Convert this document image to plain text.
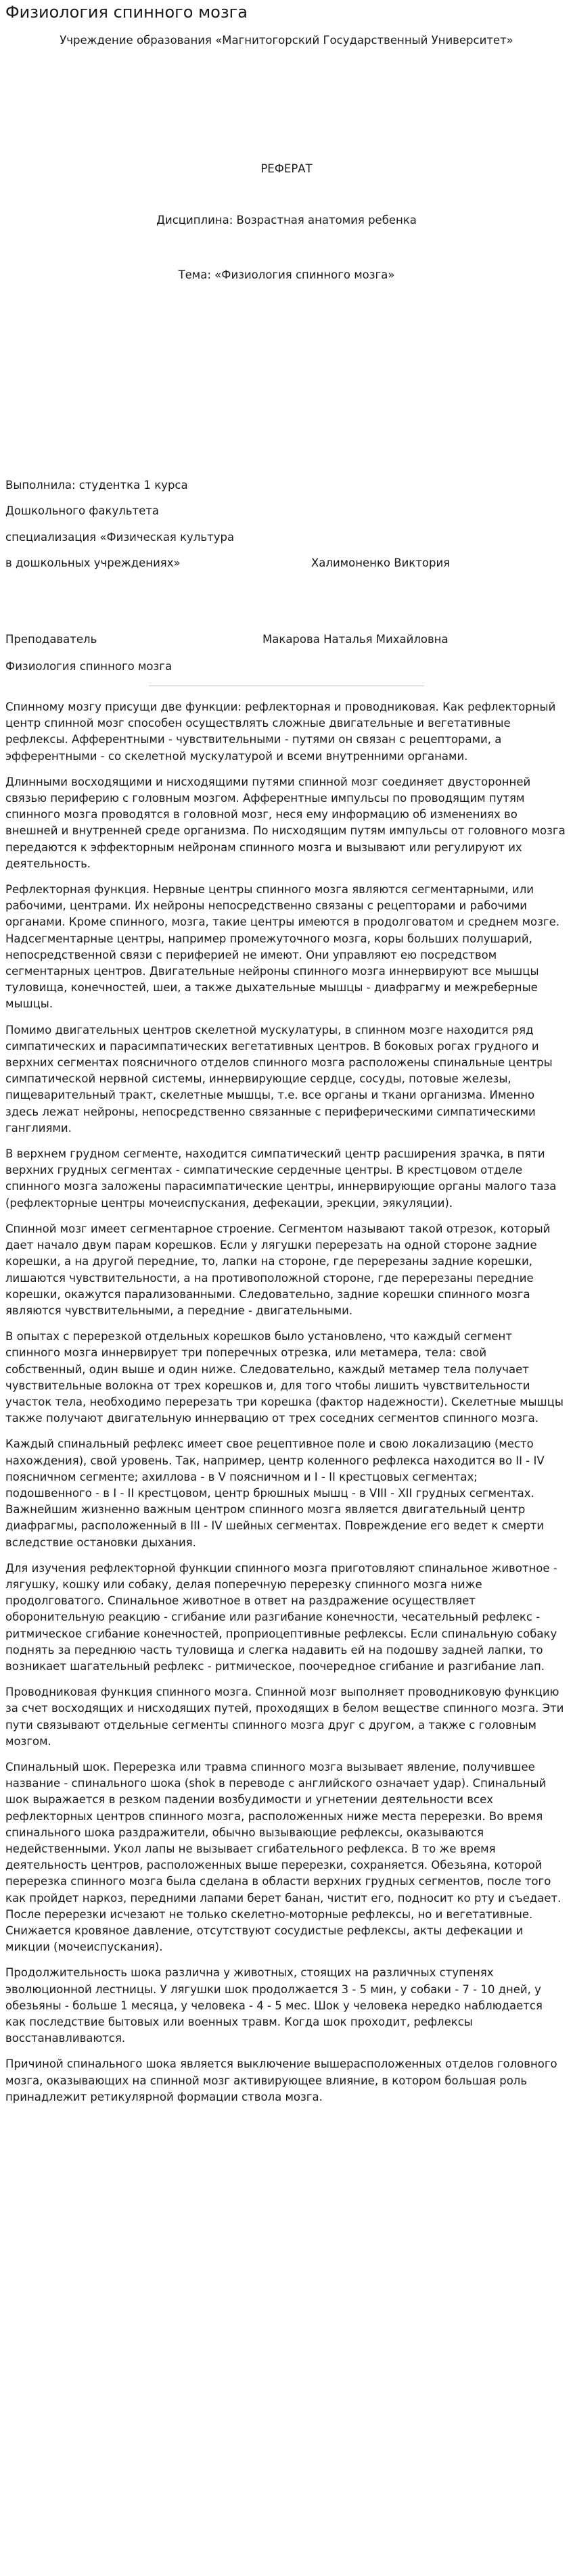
Физиология спинного мозга
Учреждение образования «Магнитогорский Государственный Университет»
РЕФЕРАТ
Дисциплина: Возрастная анатомия ребенка
Тема: «Физиология спинного мозга»
Выполнила: студентка 1 курса
Дошкольного факультета
специализация «Физическая культура
в дошкольных учреждениях»	Халимоненко Виктория
Преподаватель	Макарова Наталья Михайловна
Физиология спинного мозга

Спинному мозгу присущи две функции: рефлекторная и проводниковая. Как рефлекторный центр спинной мозг способен осуществлять сложные двигательные и вегетативные рефлексы. Афферентными - чувствительными - путями он связан с рецепторами, а эфферентными - со скелетной мускулатурой и всеми внутренними органами.

Длинными восходящими и нисходящими путями спинной мозг соединяет двусторонней связью периферию с головным мозгом. Афферентные импульсы по проводящим путям спинного мозга проводятся в головной мозг, неся ему информацию об изменениях во внешней и внутренней среде организма. По нисходящим путям импульсы от головного мозга передаются к эффекторным нейронам спинного мозга и вызывают или регулируют их деятельность.

Рефлекторная функция. Нервные центры спинного мозга являются сегментарными, или рабочими, центрами. Их нейроны непосредственно связаны с рецепторами и рабочими органами. Кроме спинного, мозга, такие центры имеются в продолговатом и среднем мозге. Надсегментарные центры, например промежуточного мозга, коры больших полушарий, непосредственной связи с периферией не имеют. Они управляют ею посредством сегментарных центров. Двигательные нейроны спинного мозга иннервируют все мышцы туловища, конечностей, шеи, а также дыхательные мышцы - диафрагму и межреберные мышцы.

Помимо двигательных центров скелетной мускулатуры, в спинном мозге находится ряд симпатических и парасимпатических вегетативных центров. В боковых рогах грудного и верхних сегментах поясничного отделов спинного мозга расположены спинальные центры симпатической нервной системы, иннервирующие сердце, сосуды, потовые железы, пищеварительный тракт, скелетные мышцы, т.е. все органы и ткани организма. Именно здесь лежат нейроны, непосредственно связанные с периферическими симпатическими ганглиями.

В верхнем грудном сегменте, находится симпатический центр расширения зрачка, в пяти верхних грудных сегментах - симпатические сердечные центры. В крестцовом отделе спинного мозга заложены парасимпатические центры, иннервирующие органы малого таза (рефлекторные центры мочеиспускания, дефекации, эрекции, эякуляции).

Спинной мозг имеет сегментарное строение. Сегментом называют такой отрезок, который дает начало двум парам корешков. Если у лягушки перерезать на одной стороне задние корешки, а на другой передние, то, лапки на стороне, где перерезаны задние корешки, лишаются чувствительности, а на противоположной стороне, где перерезаны передние корешки, окажутся парализованными. Следовательно, задние корешки спинного мозга являются чувствительными, а передние - двигательными.

В опытах с перерезкой отдельных корешков было установлено, что каждый сегмент спинного мозга иннервирует три поперечных отрезка, или метамера, тела: свой собственный, один выше и один ниже. Следовательно, каждый метамер тела получает чувствительные волокна от трех корешков и, для того чтобы лишить чувствительности участок тела, необходимо перерезать три корешка (фактор надежности). Скелетные мышцы также получают двигательную иннервацию от трех соседних сегментов спинного мозга.

Каждый спинальный рефлекс имеет свое рецептивное поле и свою локализацию (место нахождения), свой уровень. Так, например, центр коленного рефлекса находится во II - IV поясничном сегменте; ахиллова - в V поясничном и I - II крестцовых сегментах; подошвенного - в I - II крестцовом, центр брюшных мышц - в VIII - XII грудных сегментах. Важнейшим жизненно важным центром спинного мозга является двигательный центр диафрагмы, расположенный в III - IV шейных сегментах. Повреждение его ведет к смерти вследствие остановки дыхания.

Для изучения рефлекторной функции спинного мозга приготовляют спинальное животное - лягушку, кошку или собаку, делая поперечную перерезку спинного мозга ниже продолговатого. Спинальное животное в ответ на раздражение осуществляет оборонительную реакцию - сгибание или разгибание конечности, чесательный рефлекс - ритмическое сгибание конечностей, проприоцептивные рефлексы. Если спинальную собаку поднять за переднюю часть туловища и слегка надавить ей на подошву задней лапки, то возникает шагательный рефлекс - ритмическое, поочередное сгибание и разгибание лап.

Проводниковая функция спинного мозга. Спинной мозг выполняет проводниковую функцию за счет восходящих и нисходящих путей, проходящих в белом веществе спинного мозга. Эти пути связывают отдельные сегменты спинного мозга друг с другом, а также с головным мозгом.

Спинальный шок. Перерезка или травма спинного мозга вызывает явление, получившее название - спинального шока (shok в переводе с английского означает удар). Спинальный шок выражается в резком падении возбудимости и угнетении деятельности всех рефлекторных центров спинного мозга, расположенных ниже места перерезки. Во время спинального шока раздражители, обычно вызывающие рефлексы, оказываются недейственными. Укол лапы не вызывает сгибательного рефлекса. В то же время деятельность центров, расположенных выше перерезки, сохраняется. Обезьяна, которой перерезка спинного мозга была сделана в области верхних грудных сегментов, после того как пройдет наркоз, передними лапами берет банан, чистит его, подносит ко рту и съедает. После перерезки исчезают не только скелетно-моторные рефлексы, но и вегетативные. Снижается кровяное давление, отсутствуют сосудистые рефлексы, акты дефекации и микции (мочеиспускания).

Продолжительность шока различна у животных, стоящих на различных ступенях эволюционной лестницы. У лягушки шок продолжается 3 - 5 мин, у собаки - 7 - 10 дней, у обезьяны - больше 1 месяца, у человека - 4 - 5 мес. Шок у человека нередко наблюдается как последствие бытовых или военных травм. Когда шок проходит, рефлексы восстанавливаются.

Причиной спинального шока является выключение вышерасположенных отделов головного мозга, оказывающих на спинной мозг активирующее влияние, в котором большая роль принадлежит ретикулярной формации ствола мозга.
